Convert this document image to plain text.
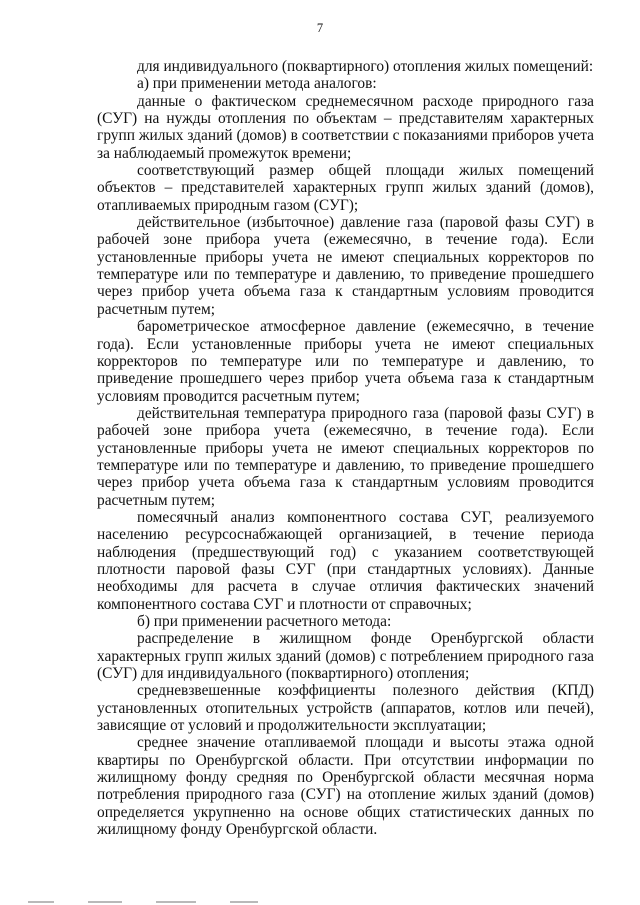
7

для индивидуального (поквартирного) отопления жилых помещений:

а) при применении метода аналогов:

данные о фактическом среднемесячном расходе природного газа (СУГ) на нужды отопления по объектам – представителям характерных групп жилых зданий (домов) в соответствии с показаниями приборов учета за наблюдаемый промежуток времени;

соответствующий размер общей площади жилых помещений объектов – представителей характерных групп жилых зданий (домов), отапливаемых природным газом (СУГ);

действительное (избыточное) давление газа (паровой фазы СУГ) в рабочей зоне прибора учета (ежемесячно, в течение года). Если установленные приборы учета не имеют специальных корректоров по температуре или по температуре и давлению, то приведение прошедшего через прибор учета объема газа к стандартным условиям проводится расчетным путем;

барометрическое атмосферное давление (ежемесячно, в течение года). Если установленные приборы учета не имеют специальных корректоров по температуре или по температуре и давлению, то приведение прошедшего через прибор учета объема газа к стандартным условиям проводится расчетным путем;

действительная температура природного газа (паровой фазы СУГ) в рабочей зоне прибора учета (ежемесячно, в течение года). Если установленные приборы учета не имеют специальных корректоров по температуре или по температуре и давлению, то приведение прошедшего через прибор учета объема газа к стандартным условиям проводится расчетным путем;

помесячный анализ компонентного состава СУГ, реализуемого населению ресурсоснабжающей организацией, в течение периода наблюдения (предшествующий год) с указанием соответствующей плотности паровой фазы СУГ (при стандартных условиях). Данные необходимы для расчета в случае отличия фактических значений компонентного состава СУГ и плотности от справочных;

б) при применении расчетного метода:

распределение в жилищном фонде Оренбургской области характерных групп жилых зданий (домов) с потреблением природного газа (СУГ) для индивидуального (поквартирного) отопления;

средневзвешенные коэффициенты полезного действия (КПД) установленных отопительных устройств (аппаратов, котлов или печей), зависящие от условий и продолжительности эксплуатации;

среднее значение отапливаемой площади и высоты этажа одной квартиры по Оренбургской области. При отсутствии информации по жилищному фонду средняя по Оренбургской области месячная норма потребления природного газа (СУГ) на отопление жилых зданий (домов) определяется укрупненно на основе общих статистических данных по жилищному фонду Оренбургской области.
